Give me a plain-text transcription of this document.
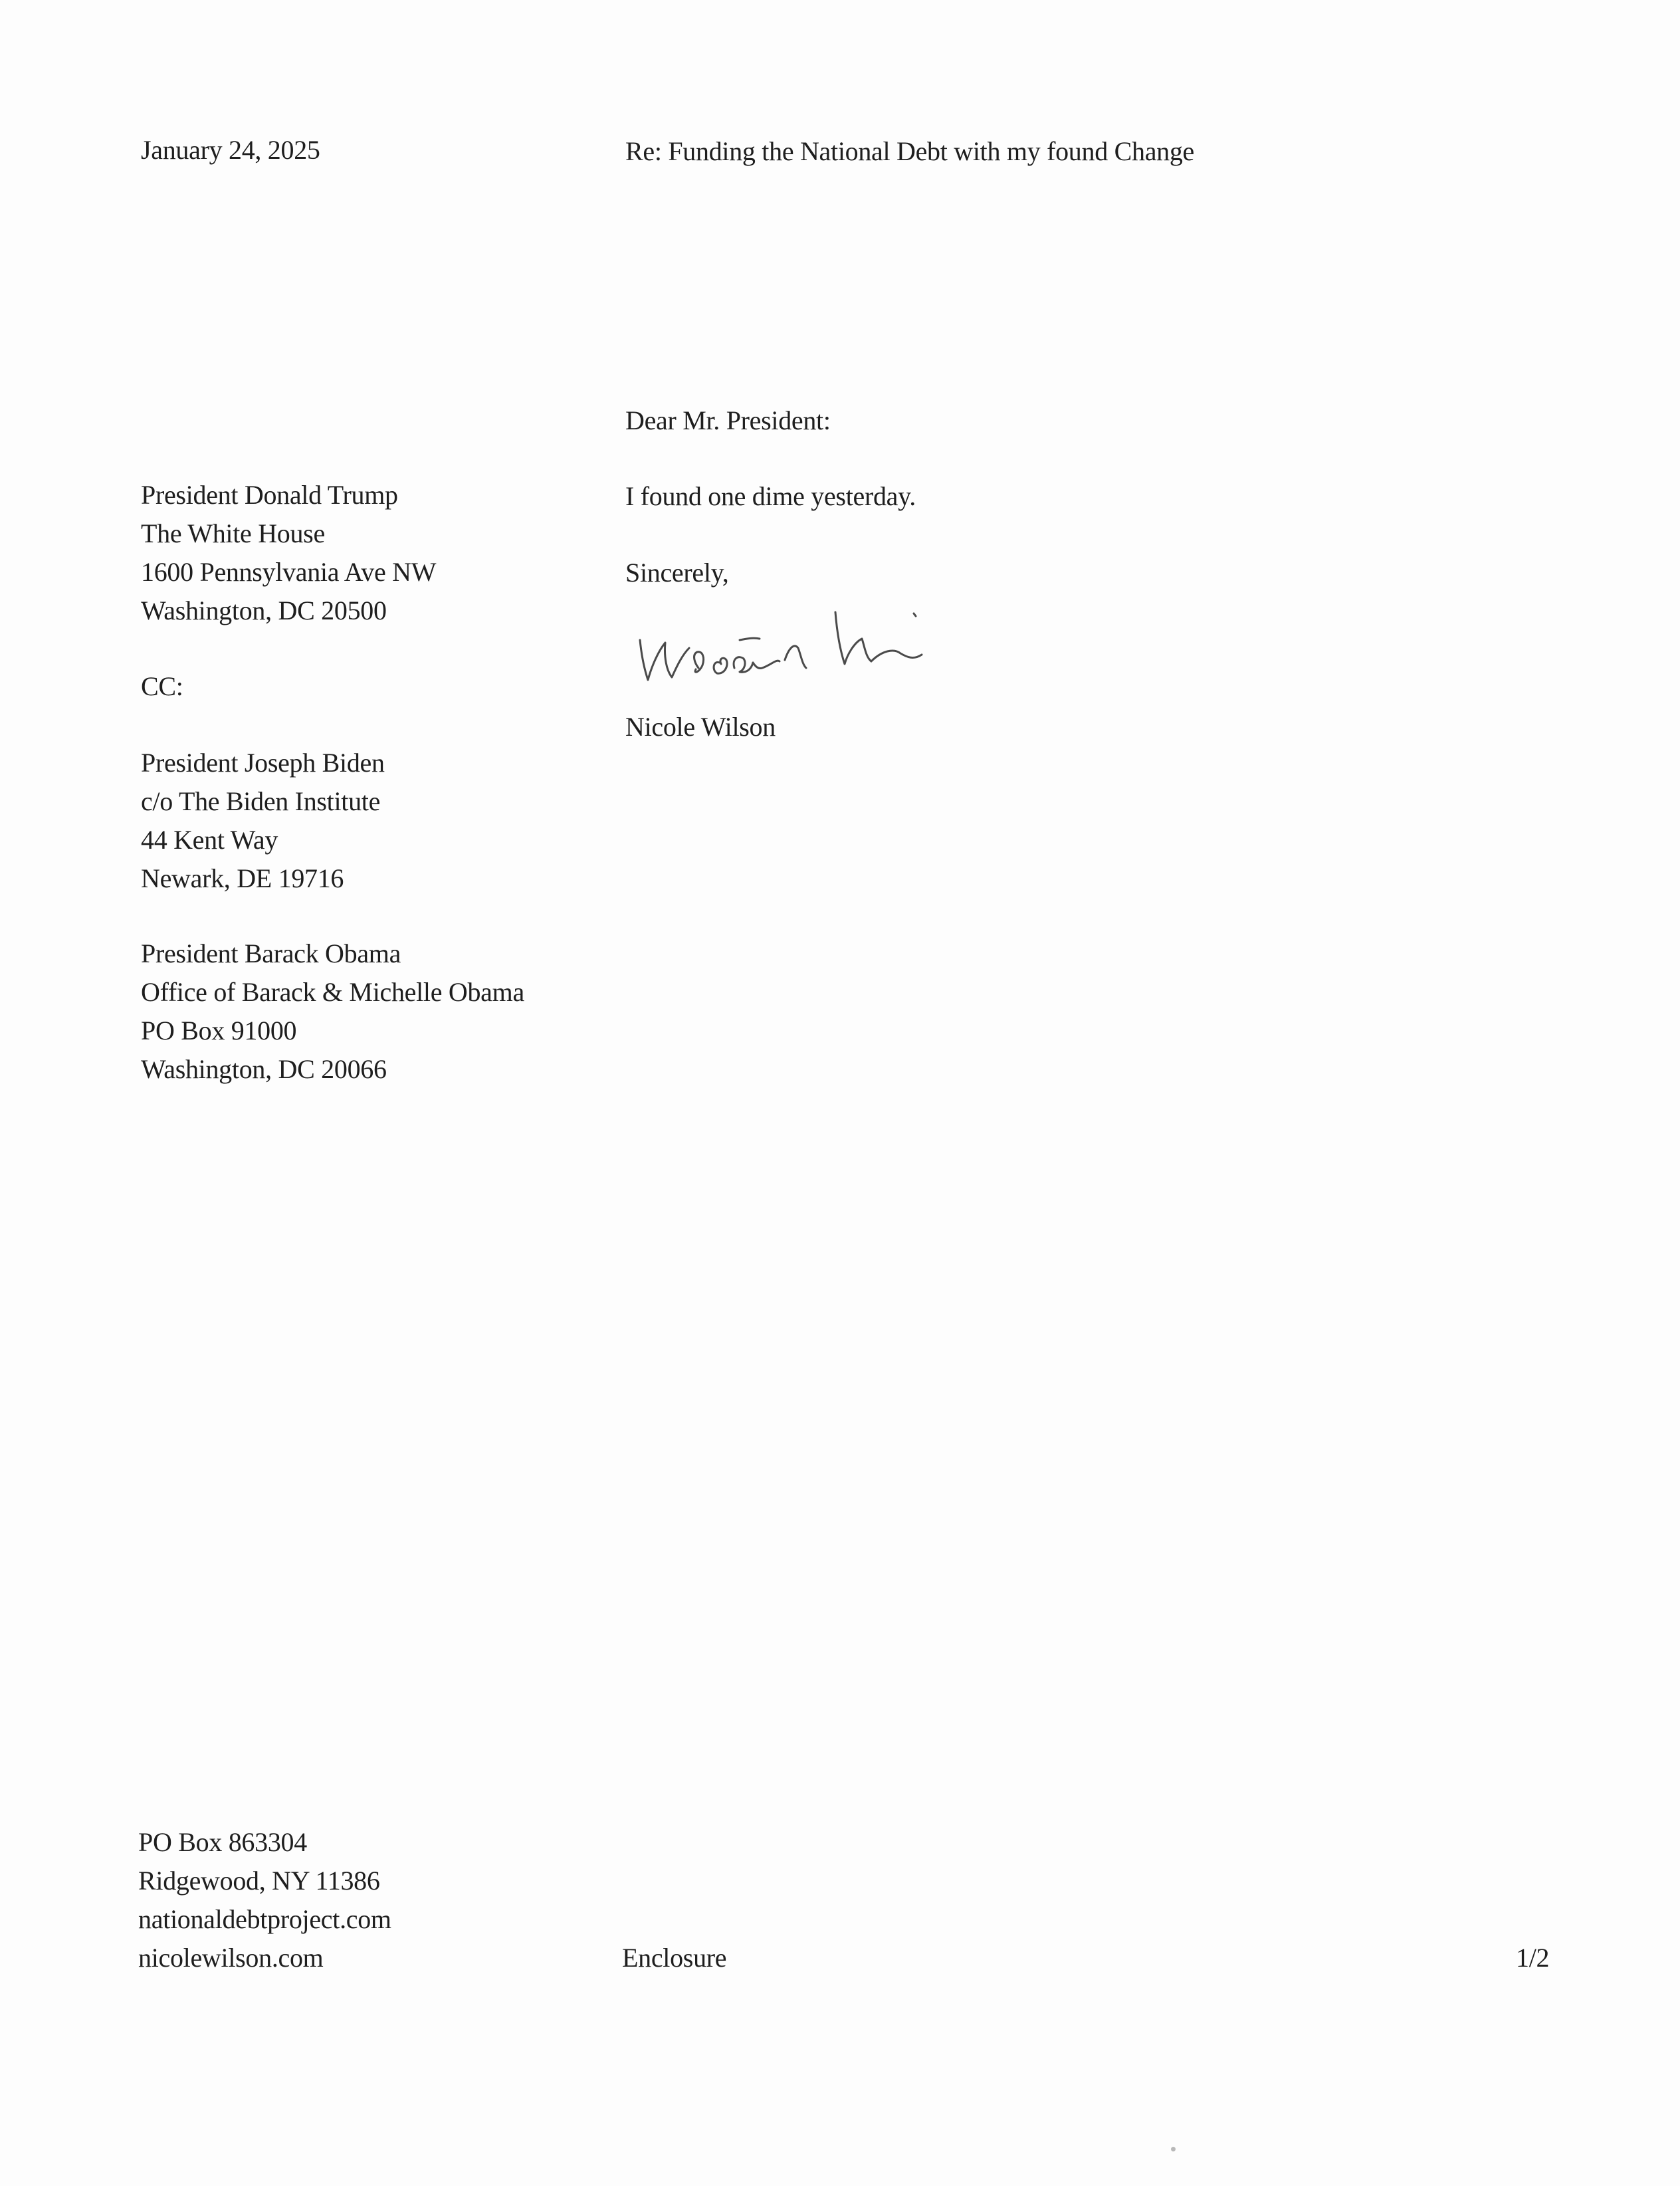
January 24, 2025	Re: Funding the National Debt with my found Change
President Donald Trump
The White House
1600 Pennsylvania Ave NW
Washington, DC 20500
CC:
President Joseph Biden
c/o The Biden Institute
44 Kent Way
Newark, DE 19716
President Barack Obama
Office of Barack & Michelle Obama
PO Box 91000
Washington, DC 20066
Dear Mr. President:
I found one dime yesterday.
Sincerely,
Nicole Wilson
PO Box 863304
Ridgewood, NY 11386
nationaldebtproject.com
nicolewilson.com	Enclosure	1/2
